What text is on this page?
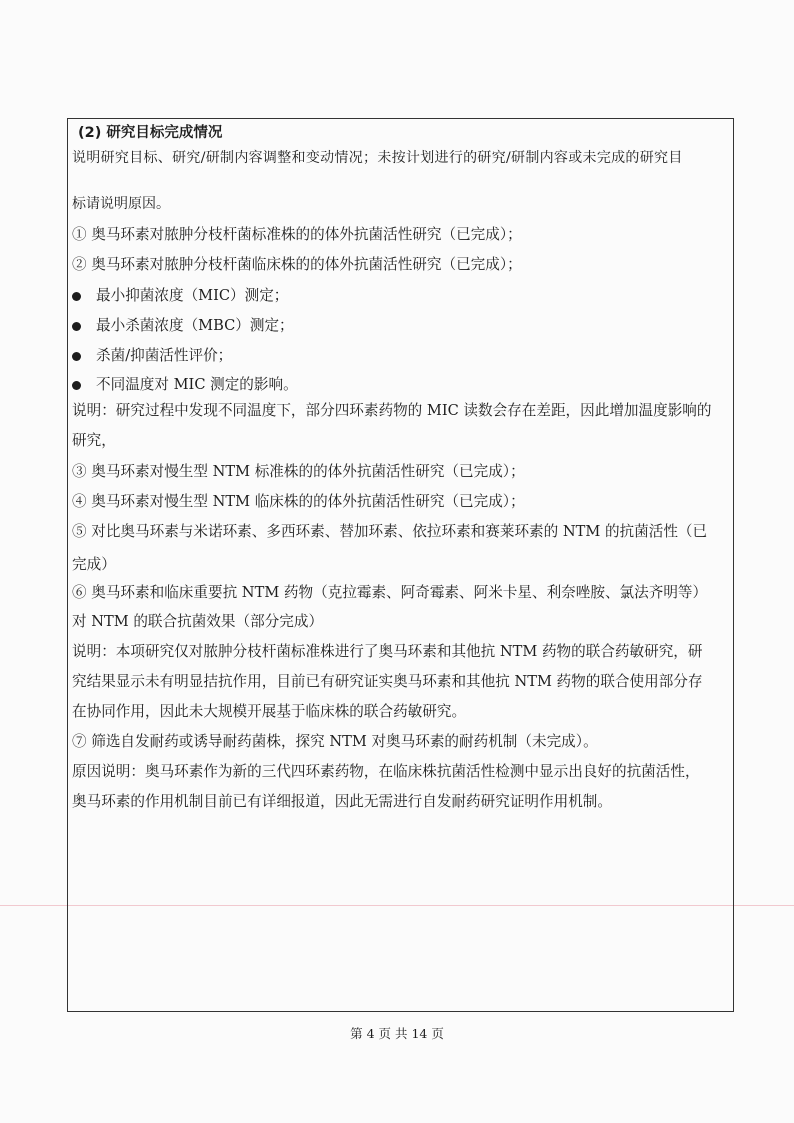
(2) 研究目标完成情况
说明研究目标、研究/研制内容调整和变动情况；未按计划进行的研究/研制内容或未完成的研究目
标请说明原因。
① 奥马环素对脓肿分枝杆菌标准株的的体外抗菌活性研究（已完成）；
② 奥马环素对脓肿分枝杆菌临床株的的体外抗菌活性研究（已完成）；
最小抑菌浓度（MIC）测定；
最小杀菌浓度（MBC）测定；
杀菌/抑菌活性评价；
不同温度对 MIC 测定的影响。
说明：研究过程中发现不同温度下，部分四环素药物的 MIC 读数会存在差距，因此增加温度影响的
研究，
③ 奥马环素对慢生型 NTM 标准株的的体外抗菌活性研究（已完成）；
④ 奥马环素对慢生型 NTM 临床株的的体外抗菌活性研究（已完成）；
⑤ 对比奥马环素与米诺环素、多西环素、替加环素、依拉环素和赛莱环素的 NTM 的抗菌活性（已
完成）
⑥ 奥马环素和临床重要抗 NTM 药物（克拉霉素、阿奇霉素、阿米卡星、利奈唑胺、氯法齐明等）
对 NTM 的联合抗菌效果（部分完成）
说明：本项研究仅对脓肿分枝杆菌标准株进行了奥马环素和其他抗 NTM 药物的联合药敏研究，研
究结果显示未有明显拮抗作用，目前已有研究证实奥马环素和其他抗 NTM 药物的联合使用部分存
在协同作用，因此未大规模开展基于临床株的联合药敏研究。
⑦ 筛选自发耐药或诱导耐药菌株，探究 NTM 对奥马环素的耐药机制（未完成）。
原因说明：奥马环素作为新的三代四环素药物，在临床株抗菌活性检测中显示出良好的抗菌活性，
奥马环素的作用机制目前已有详细报道，因此无需进行自发耐药研究证明作用机制。
第 4 页 共 14 页
